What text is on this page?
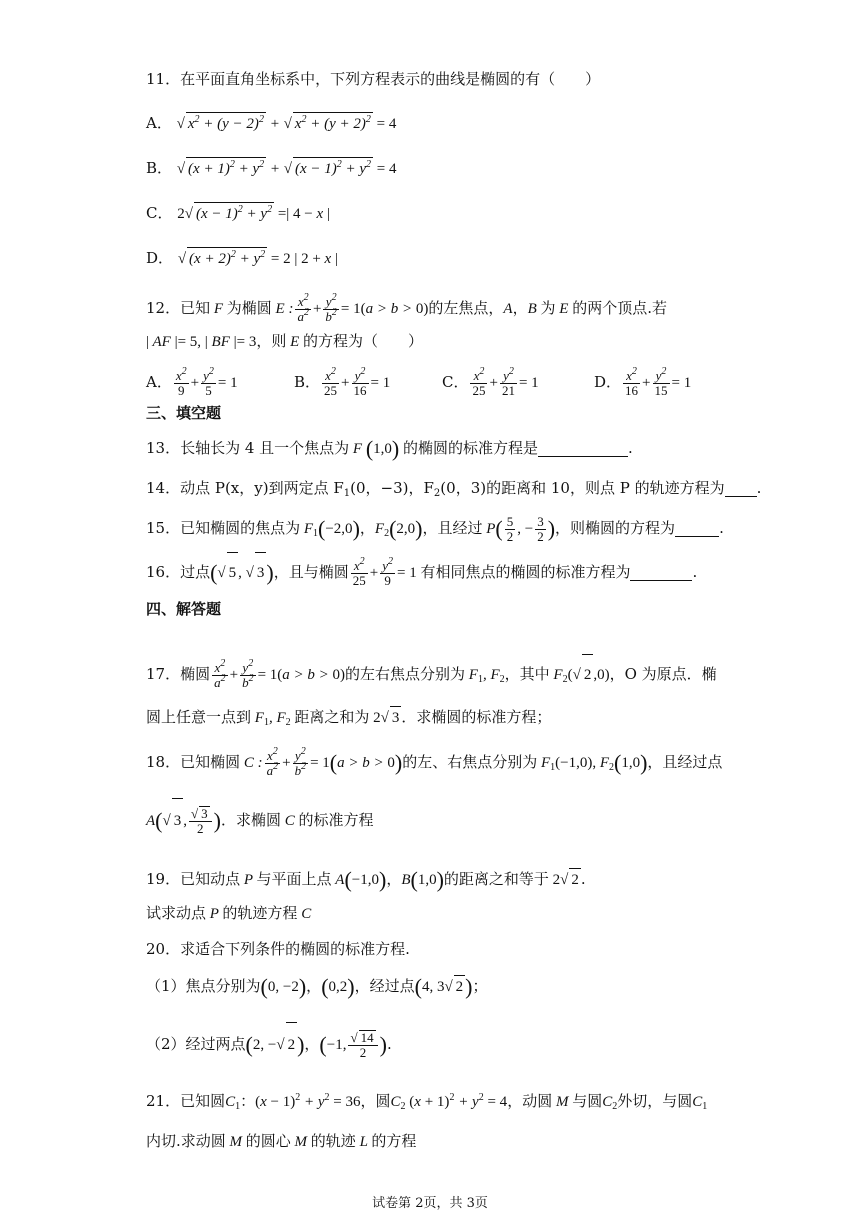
11．在平面直角坐标系中，下列方程表示的曲线是椭圆的有（　　）
A． √ $x^2 + (y - 2)^2$ + √ $x^2 + (y + 2)^2 = 4$
B． √ $(x + 1)^2 + y^2$ + √ $(x - 1)^2 + y^2 = 4$
C． 2√ $(x - 1)^2 + y^2$ =| 4 − x |
D． √ $(x + 2)^2 + y^2 = 2$ | 2 + x |
12．已知 F 为椭圆 E : $\frac{x^2}{a^2} + \frac{y^2}{b^2} = 1(a > b > 0)$的左焦点，A，B 为 E 的两个顶点.若
| AF |= 5, | BF |= 3，则 E 的方程为（　　）
A． $\frac{x^2}{9} + \frac{y^2}{5} = 1$	B． $\frac{x^2}{25} + \frac{y^2}{16} = 1$	C． $\frac{x^2}{25} + \frac{y^2}{21} = 1$	D． $\frac{x^2}{16} + \frac{y^2}{15} = 1$
三、填空题
13．长轴长为 4 且一个焦点为 F (1,0) 的椭圆的标准方程是	.
14．动点 P(x，y)到两定点 $F_1(0$，−3)，$F_2(0$，3)的距离和 10，则点 P 的轨迹方程为 .
15．已知椭圆的焦点为 $F_1(-2,0)$，$F_2(2,0)$，且经过 $P( \frac{5}{2}$ , − $\frac{3}{2}$ )，则椭圆的方程为	.
16．过点(√ 5 , √ 3)，且与椭圆 $\frac{x^2}{25} + \frac{y^2}{9} = 1$ 有相同焦点的椭圆的标准方程为	.
四、解答题
17．椭圆 $\frac{x^2}{a^2} + \frac{y^2}{b^2} = 1(a > b > 0)$的左右焦点分别为 $F_1$, $F_2$，其中 $F_2(√$ 2 ,0)，O 为原点．椭
圆上任意一点到 $F_1$, $F_2$ 距离之和为 2√ 3 ．求椭圆的标准方程；
18．已知椭圆 C : $\frac{x^2}{a^2} + \frac{y^2}{b^2} = 1(a > b > 0)$的左、右焦点分别为 $F_1(-1,0)$, $F_2(1,0)$，且经过点
A(√ 3 , $\frac{√ 3}{2}$ )．求椭圆 C 的标准方程
19．已知动点 P 与平面上点 A(−1,0)，B(1,0)的距离之和等于 2√ 2 .
试求动点 P 的轨迹方程 C
20．求适合下列条件的椭圆的标准方程.
（1）焦点分别为(0, −2)，(0,2)，经过点(4, 3√ 2)；
（2）经过两点(2, −√ 2)，(−1, $\frac{√ 14}{2}$ ).
21．已知圆$C_1$：$(x - 1)^2 + y^2 = 36$，圆$C_2$ $(x + 1)^2 + y^2 = 4$，动圆 M 与圆$C_2$外切，与圆$C_1$
内切.求动圆 M 的圆心 M 的轨迹 L 的方程
试卷第 2页，共 3页
